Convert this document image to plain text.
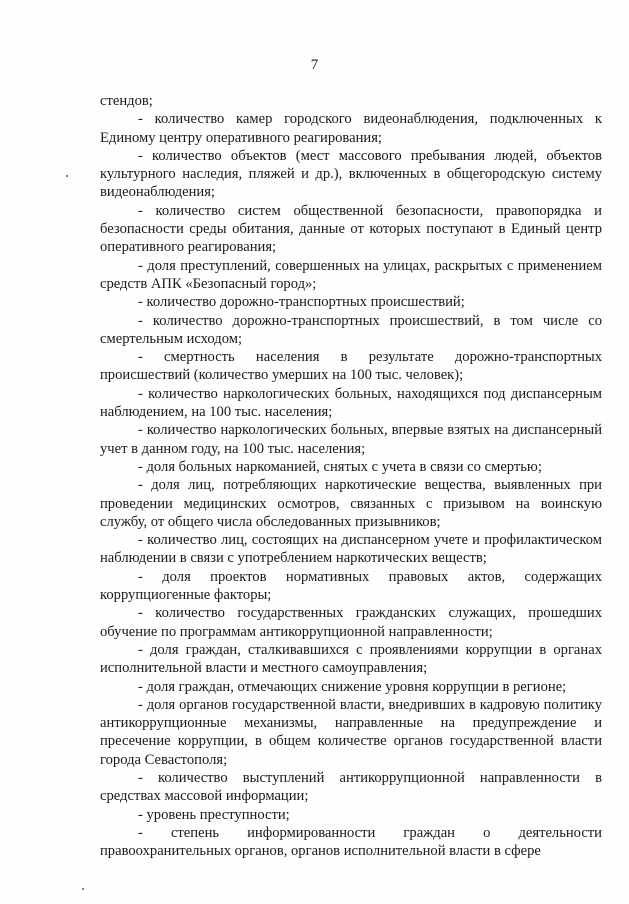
7

стендов;

- количество камер городского видеонаблюдения, подключенных к Единому центру оперативного реагирования;

- количество объектов (мест массового пребывания людей, объектов культурного наследия, пляжей и др.), включенных в общегородскую систему видеонаблюдения;

- количество систем общественной безопасности, правопорядка и безопасности среды обитания, данные от которых поступают в Единый центр оперативного реагирования;

- доля преступлений, совершенных на улицах, раскрытых с применением средств АПК «Безопасный город»;

- количество дорожно-транспортных происшествий;

- количество дорожно-транспортных происшествий, в том числе со смертельным исходом;

- смертность населения в результате дорожно-транспортных происшествий (количество умерших на 100 тыс. человек);

- количество наркологических больных, находящихся под диспансерным наблюдением, на 100 тыс. населения;

- количество наркологических больных, впервые взятых на диспансерный учет в данном году, на 100 тыс. населения;

- доля больных наркоманией, снятых с учета в связи со смертью;

- доля лиц, потребляющих наркотические вещества, выявленных при проведении медицинских осмотров, связанных с призывом на воинскую службу, от общего числа обследованных призывников;

- количество лиц, состоящих на диспансерном учете и профилактическом наблюдении в связи с употреблением наркотических веществ;

- доля проектов нормативных правовых актов, содержащих коррупциогенные факторы;

- количество государственных гражданских служащих, прошедших обучение по программам антикоррупционной направленности;

- доля граждан, сталкивавшихся с проявлениями коррупции в органах исполнительной власти и местного самоуправления;

- доля граждан, отмечающих снижение уровня коррупции в регионе;

- доля органов государственной власти, внедривших в кадровую политику антикоррупционные механизмы, направленные на предупреждение и пресечение коррупции, в общем количестве органов государственной власти города Севастополя;

- количество выступлений антикоррупционной направленности в средствах массовой информации;

- уровень преступности;

- степень информированности граждан о деятельности правоохранительных органов, органов исполнительной власти в сфере
